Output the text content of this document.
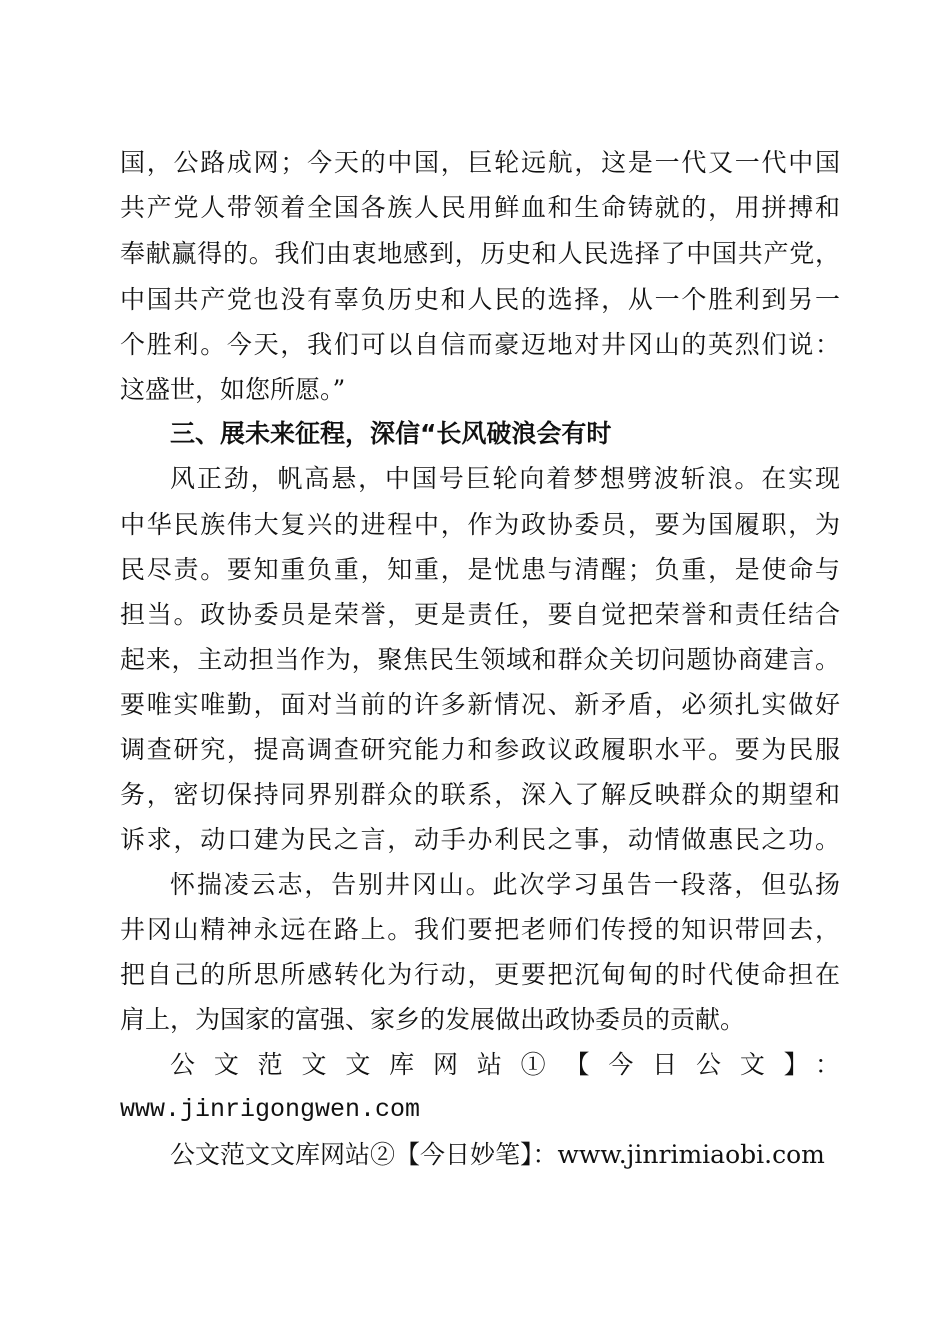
国，公路成网；今天的中国，巨轮远航，这是一代又一代中国
共产党人带领着全国各族人民用鲜血和生命铸就的，用拼搏和
奉献赢得的。我们由衷地感到，历史和人民选择了中国共产党，
中国共产党也没有辜负历史和人民的选择，从一个胜利到另一
个胜利。今天，我们可以自信而豪迈地对井冈山的英烈们说：
这盛世，如您所愿。”
三、展未来征程，深信“长风破浪会有时
风正劲，帆高悬，中国号巨轮向着梦想劈波斩浪。在实现
中华民族伟大复兴的进程中，作为政协委员，要为国履职，为
民尽责。要知重负重，知重，是忧患与清醒；负重，是使命与
担当。政协委员是荣誉，更是责任，要自觉把荣誉和责任结合
起来，主动担当作为，聚焦民生领域和群众关切问题协商建言。
要唯实唯勤，面对当前的许多新情况、新矛盾，必须扎实做好
调查研究，提高调查研究能力和参政议政履职水平。要为民服
务，密切保持同界别群众的联系，深入了解反映群众的期望和
诉求，动口建为民之言，动手办利民之事，动情做惠民之功。
怀揣凌云志，告别井冈山。此次学习虽告一段落，但弘扬
井冈山精神永远在路上。我们要把老师们传授的知识带回去，
把自己的所思所感转化为行动，更要把沉甸甸的时代使命担在
肩上，为国家的富强、家乡的发展做出政协委员的贡献。
公文范文文库网站①【今日公文】：
www.jinrigongwen.com
公文范文文库网站②【今日妙笔】：www.jinrimiaobi.com
